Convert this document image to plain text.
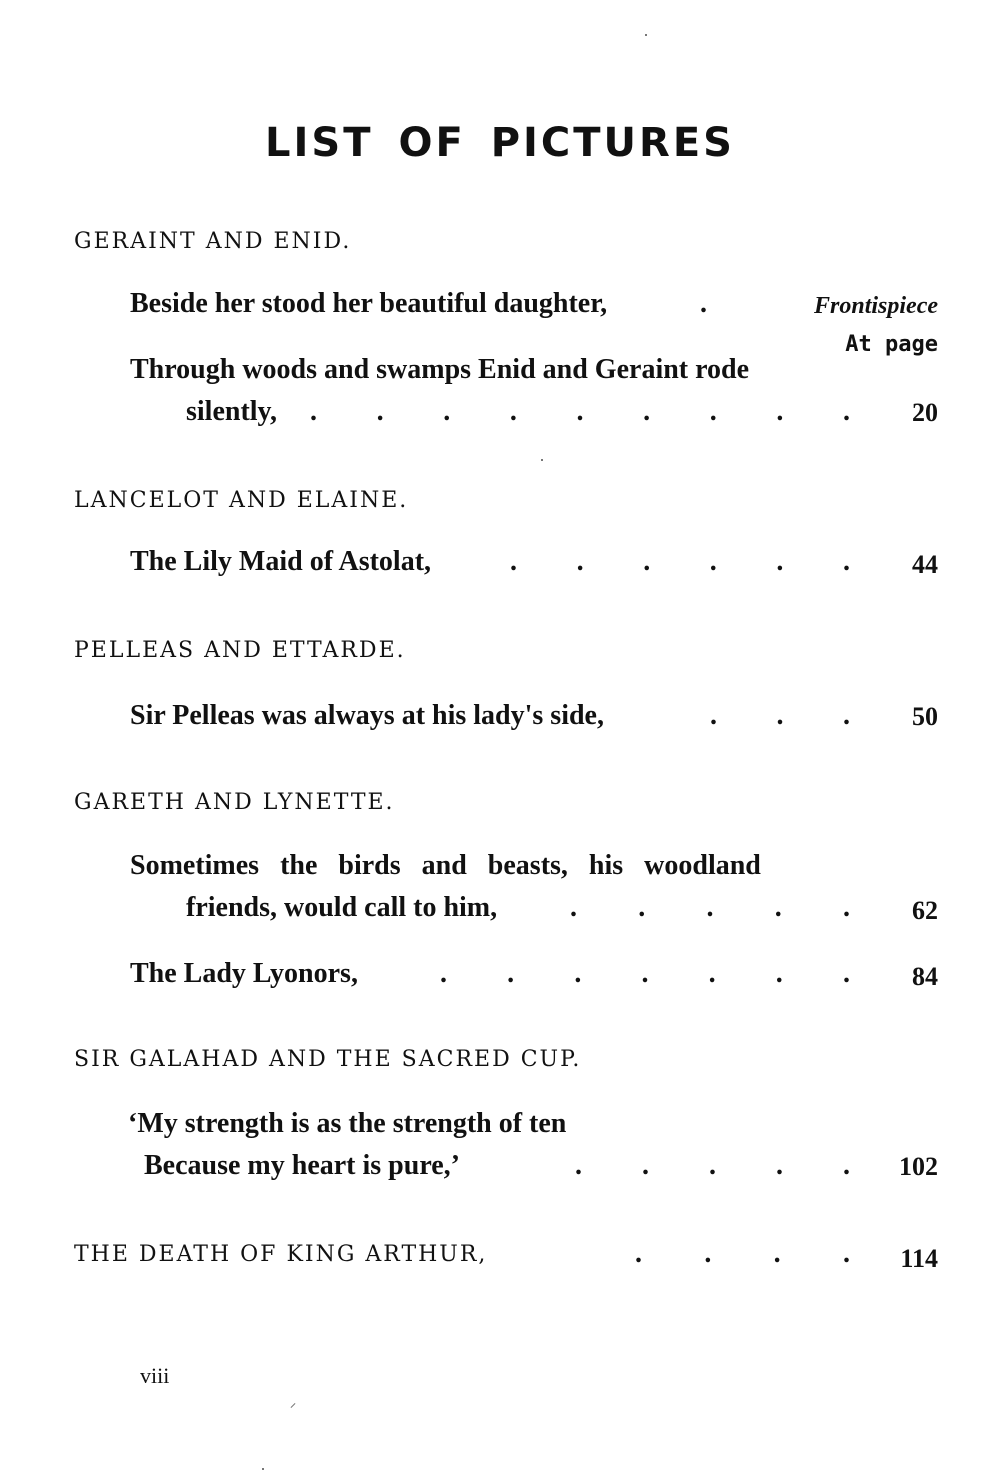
LIST OF PICTURES
GERAINT AND ENID.
Beside her stood her beautiful daughter,	.	Frontispiece
At page
Through woods and swamps Enid and Geraint rode
silently, . . . . . . . . . 20
LANCELOT AND ELAINE.
The Lily Maid of Astolat,	. . . . . . 44
PELLEAS AND ETTARDE.
Sir Pelleas was always at his lady's side,	. . . 50
GARETH AND LYNETTE.
Sometimes the birds and beasts, his woodland
friends, would call to him,	. . . . . 62
The Lady Lyonors,	. . . . . . . 84
SIR GALAHAD AND THE SACRED CUP.
‘My strength is as the strength of ten
Because my heart is pure,’	. . . . . 102
THE DEATH OF KING ARTHUR,	. . . . 114
viii
